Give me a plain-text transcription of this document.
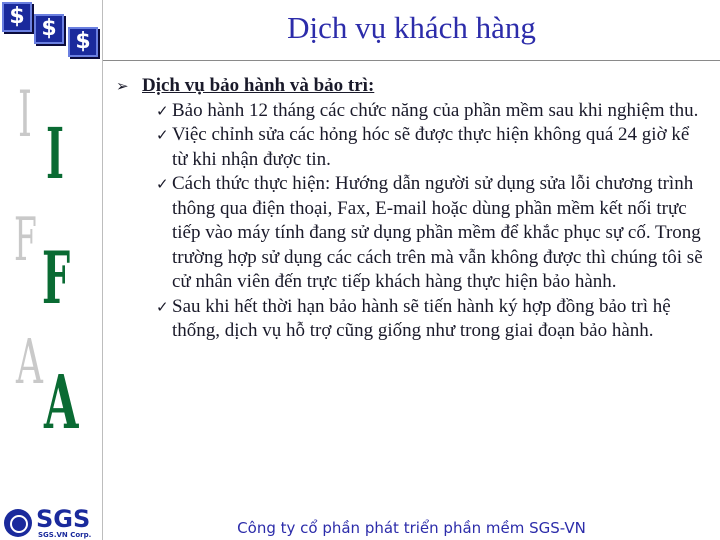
$ $
$
I I
F F
A A
SGS
SGS.VN Corp.
Dịch vụ khách hàng
➢ Dịch vụ bảo hành và bảo trì:
✓ Bảo hành 12 tháng các chức năng của phần mềm sau khi nghiệm thu.
✓ Việc chỉnh sửa các hỏng hóc sẽ được thực hiện không quá 24 giờ kể từ khi nhận được tin.
✓ Cách thức thực hiện: Hướng dẫn người sử dụng sửa lỗi chương trình thông qua điện thoại, Fax, E-mail hoặc dùng phần mềm kết nối trực tiếp vào máy tính đang sử dụng phần mềm để khắc phục sự cố. Trong trường hợp sử dụng các cách trên mà vẫn không được thì chúng tôi sẽ cử nhân viên đến trực tiếp khách hàng thực hiện bảo hành.
✓ Sau khi hết thời hạn bảo hành sẽ tiến hành ký hợp đồng bảo trì hệ thống, dịch vụ hỗ trợ cũng giống như trong giai đoạn bảo hành.
Công ty cổ phần phát triển phần mềm SGS-VN
